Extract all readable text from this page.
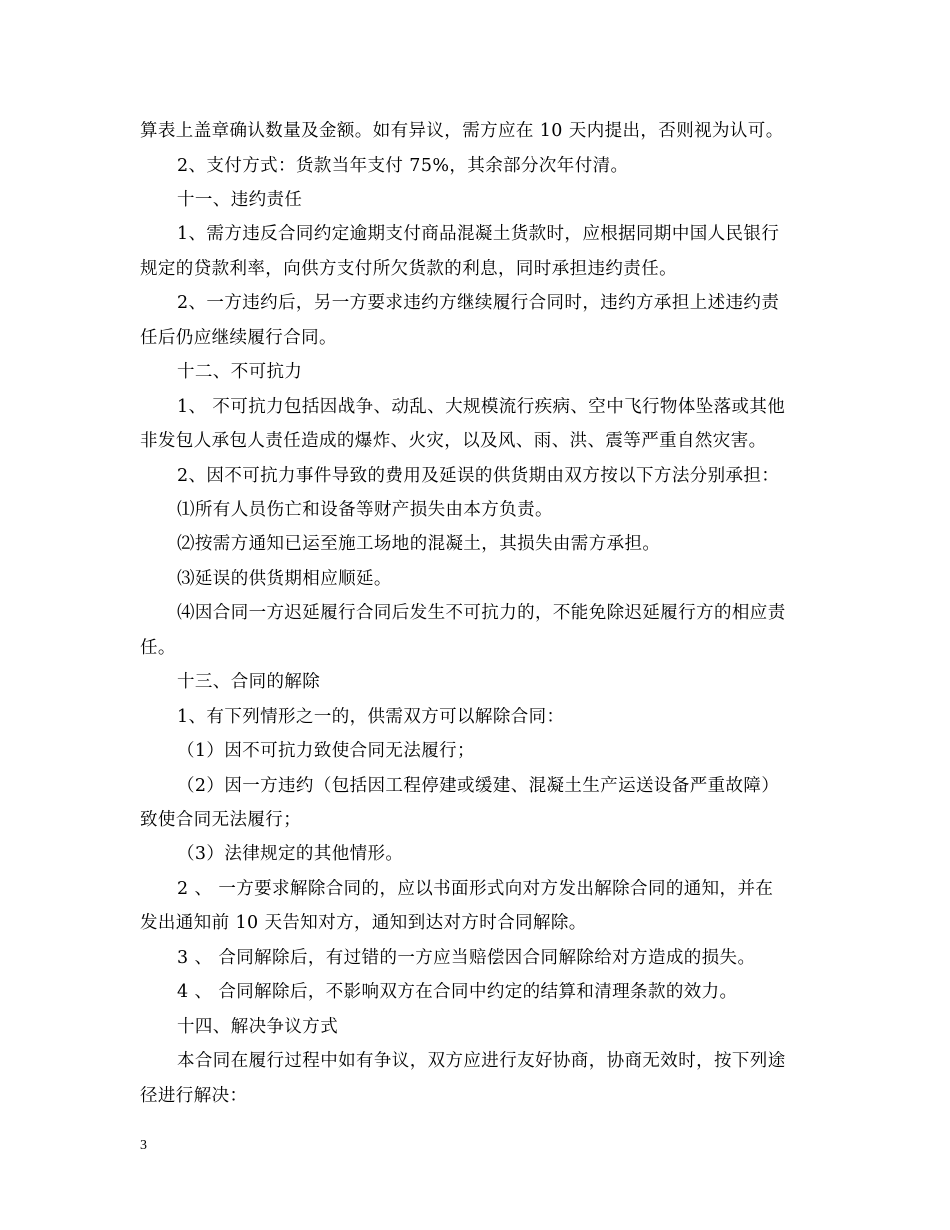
算表上盖章确认数量及金额。如有异议，需方应在 10 天内提出，否则视为认可。
2、支付方式：货款当年支付 75%，其余部分次年付清。
十一、违约责任
1、需方违反合同约定逾期支付商品混凝土货款时，应根据同期中国人民银行
规定的贷款利率，向供方支付所欠货款的利息，同时承担违约责任。
2、一方违约后，另一方要求违约方继续履行合同时，违约方承担上述违约责
任后仍应继续履行合同。
十二、不可抗力
1、 不可抗力包括因战争、动乱、大规模流行疾病、空中飞行物体坠落或其他
非发包人承包人责任造成的爆炸、火灾，以及风、雨、洪、震等严重自然灾害。
2、因不可抗力事件导致的费用及延误的供货期由双方按以下方法分别承担：
⑴所有人员伤亡和设备等财产损失由本方负责。
⑵按需方通知已运至施工场地的混凝土，其损失由需方承担。
⑶延误的供货期相应顺延。
⑷因合同一方迟延履行合同后发生不可抗力的，不能免除迟延履行方的相应责
任。
十三、合同的解除
1、有下列情形之一的，供需双方可以解除合同：
（1）因不可抗力致使合同无法履行；
（2）因一方违约（包括因工程停建或缓建、混凝土生产运送设备严重故障）
致使合同无法履行；
（3）法律规定的其他情形。
2 、 一方要求解除合同的，应以书面形式向对方发出解除合同的通知，并在
发出通知前 10 天告知对方，通知到达对方时合同解除。
3 、 合同解除后，有过错的一方应当赔偿因合同解除给对方造成的损失。
4 、 合同解除后，不影响双方在合同中约定的结算和清理条款的效力。
十四、解决争议方式
本合同在履行过程中如有争议，双方应进行友好协商，协商无效时，按下列途
径进行解决：
3
